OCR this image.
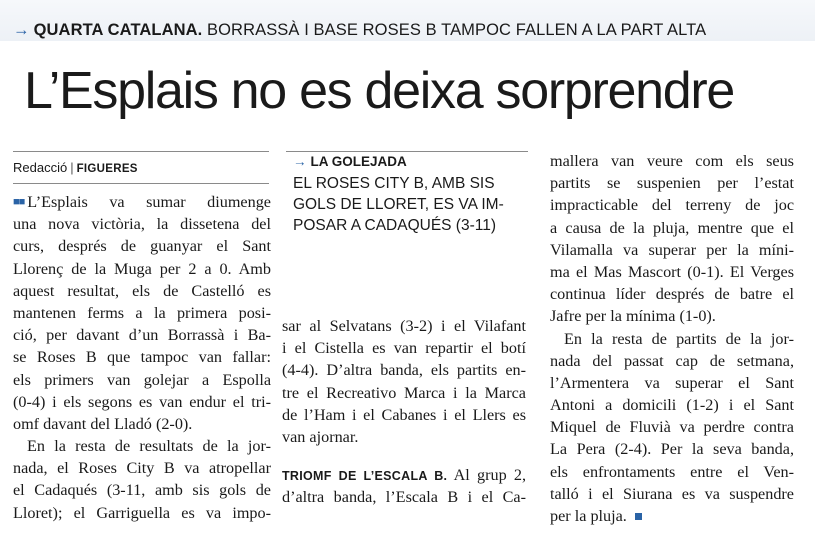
→ QUARTA CATALANA. BORRASSÀ I BASE ROSES B TAMPOC FALLEN A LA PART ALTA
L’Esplais no es deixa sorprendre
Redacció | FIGUERES
■■ L’Esplais va sumar diumenge
una nova victòria, la dissetena del
curs, després de guanyar el Sant
Llorenç de la Muga per 2 a 0. Amb
aquest resultat, els de Castelló es
mantenen ferms a la primera posi-
ció, per davant d’un Borrassà i Ba-
se Roses B que tampoc van fallar:
els primers van golejar a Espolla
(0-4) i els segons es van endur el tri-
omf davant del Lladó (2-0).
En la resta de resultats de la jor-
nada, el Roses City B va atropellar
el Cadaqués (3-11, amb sis gols de
Lloret); el Garriguella es va impo-
→ LA GOLEJADA
EL ROSES CITY B, AMB SIS
GOLS DE LLORET, ES VA IM-
POSAR A CADAQUÉS (3-11)
sar al Selvatans (3-2) i el Vilafant
i el Cistella es van repartir el botí
(4-4). D’altra banda, els partits en-
tre el Recreativo Marca i la Marca
de l’Ham i el Cabanes i el Llers es
van ajornar.
TRIOMF DE L’ESCALA B. Al grup 2,
d’altra banda, l’Escala B i el Ca-
mallera van veure com els seus
partits se suspenien per l’estat
impracticable del terreny de joc
a causa de la pluja, mentre que el
Vilamalla va superar per la míni-
ma el Mas Mascort (0-1). El Verges
continua líder després de batre el
Jafre per la mínima (1-0).
En la resta de partits de la jor-
nada del passat cap de setmana,
l’Armentera va superar el Sant
Antoni a domicili (1-2) i el Sant
Miquel de Fluvià va perdre contra
La Pera (2-4). Per la seva banda,
els enfrontaments entre el Ven-
talló i el Siurana es va suspendre
per la pluja.
